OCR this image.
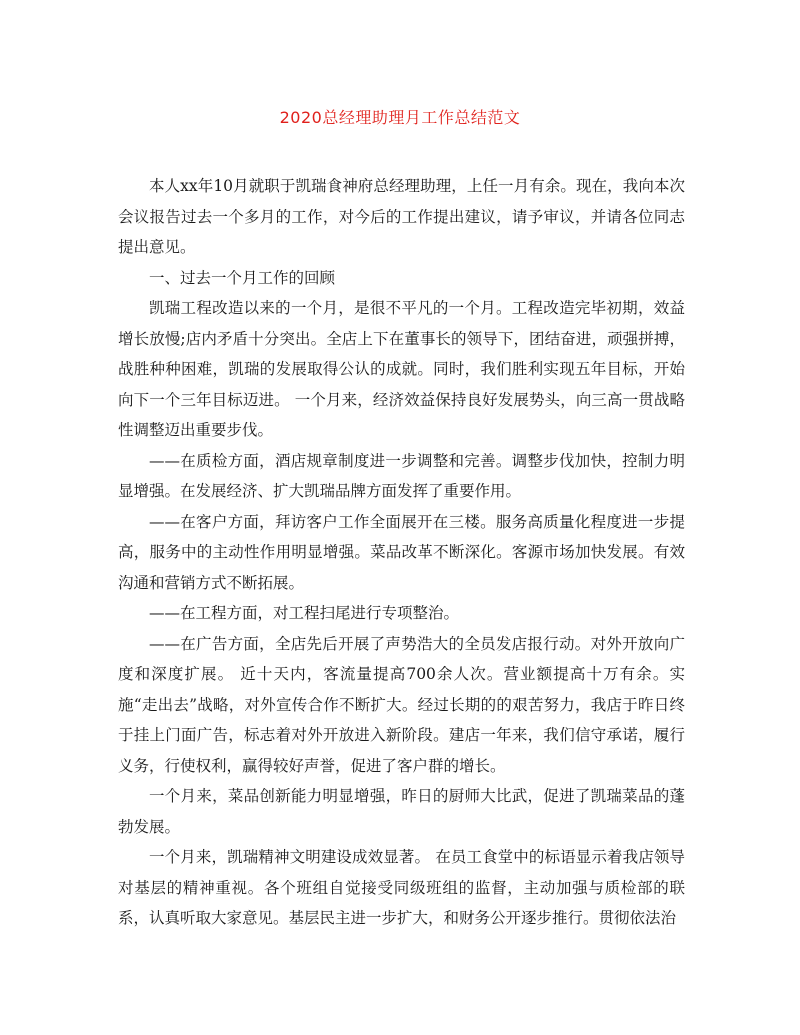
2020总经理助理月工作总结范文

本人xx年10月就职于凯瑞食神府总经理助理，上任一月有余。现在，我向本次会议报告过去一个多月的工作，对今后的工作提出建议，请予审议，并请各位同志提出意见。

一、过去一个月工作的回顾

凯瑞工程改造以来的一个月，是很不平凡的一个月。工程改造完毕初期，效益增长放慢;店内矛盾十分突出。全店上下在董事长的领导下，团结奋进，顽强拼搏，战胜种种困难，凯瑞的发展取得公认的成就。同时，我们胜利实现五年目标，开始向下一个三年目标迈进。 一个月来，经济效益保持良好发展势头，向三高一贯战略性调整迈出重要步伐。

——在质检方面，酒店规章制度进一步调整和完善。调整步伐加快，控制力明显增强。在发展经济、扩大凯瑞品牌方面发挥了重要作用。

——在客户方面，拜访客户工作全面展开在三楼。服务高质量化程度进一步提高，服务中的主动性作用明显增强。菜品改革不断深化。客源市场加快发展。有效沟通和营销方式不断拓展。

——在工程方面，对工程扫尾进行专项整治。

——在广告方面，全店先后开展了声势浩大的全员发店报行动。对外开放向广度和深度扩展。 近十天内，客流量提高700余人次。营业额提高十万有余。实施“走出去”战略，对外宣传合作不断扩大。经过长期的的艰苦努力，我店于昨日终于挂上门面广告，标志着对外开放进入新阶段。建店一年来，我们信守承诺，履行义务，行使权利，赢得较好声誉，促进了客户群的增长。

一个月来，菜品创新能力明显增强，昨日的厨师大比武，促进了凯瑞菜品的蓬勃发展。

一个月来，凯瑞精神文明建设成效显著。 在员工食堂中的标语显示着我店领导对基层的精神重视。各个班组自觉接受同级班组的监督，主动加强与质检部的联系，认真听取大家意见。基层民主进一步扩大，和财务公开逐步推行。贯彻依法治
